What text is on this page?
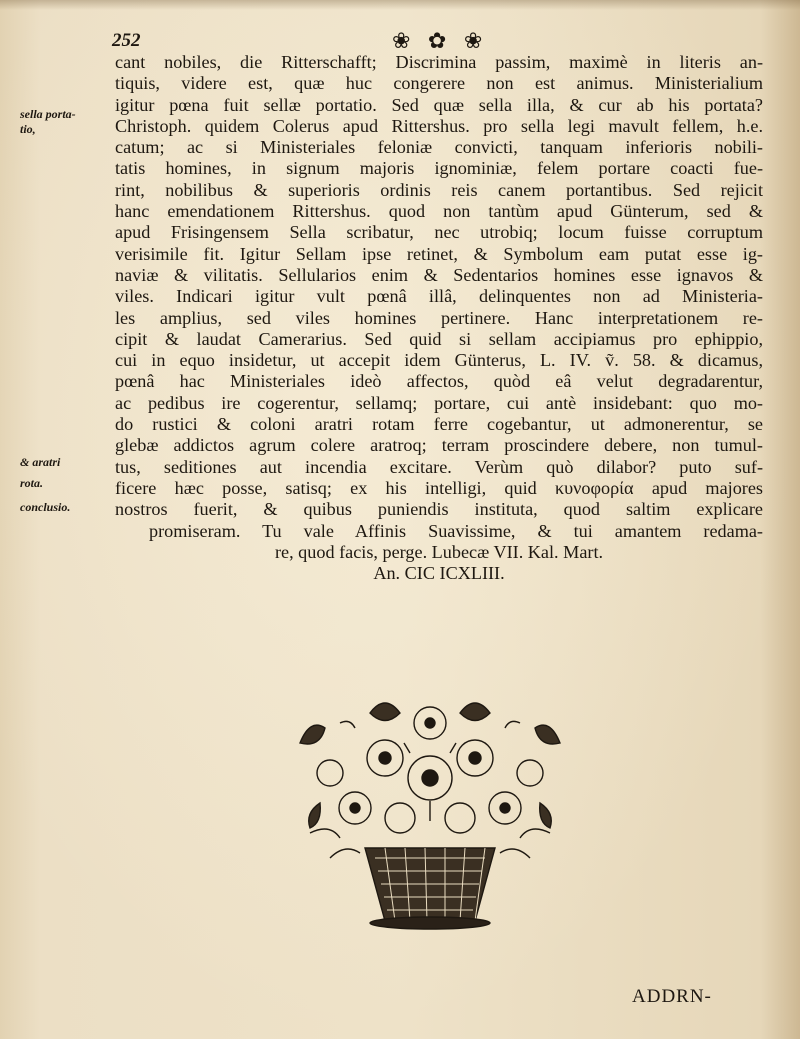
252	❀ ✿ ❀
sella porta-
tio,
& aratri
rota.
conclusio.
cant nobiles, die Ritterschafft; Discrimina passim, maximè in literis an-
tiquis, videre est, quæ huc congerere non est animus. Ministerialium
igitur pœna fuit sellæ portatio. Sed quæ sella illa, & cur ab his portata?
Christoph. quidem Colerus apud Rittershus. pro sella legi mavult fellem, h.e.
catum; ac si Ministeriales feloniæ convicti, tanquam inferioris nobili-
tatis homines, in signum majoris ignominiæ, felem portare coacti fue-
rint, nobilibus & superioris ordinis reis canem portantibus. Sed rejicit
hanc emendationem Rittershus. quod non tantùm apud Günterum, sed &
apud Frisingensem Sella scribatur, nec utrobiq; locum fuisse corruptum
verisimile fit. Igitur Sellam ipse retinet, & Symbolum eam putat esse ig-
naviæ & vilitatis. Sellularios enim & Sedentarios homines esse ignavos &
viles. Indicari igitur vult pœnâ illâ, delinquentes non ad Ministeria-
les amplius, sed viles homines pertinere. Hanc interpretationem re-
cipit & laudat Camerarius. Sed quid si sellam accipiamus pro ephippio,
cui in equo insidetur, ut accepit idem Günterus, L. IV. ṽ. 58. & dicamus,
pœnâ hac Ministeriales ideò affectos, quòd eâ velut degradarentur,
ac pedibus ire cogerentur, sellamq; portare, cui antè insidebant: quo mo-
do rustici & coloni aratri rotam ferre cogebantur, ut admonerentur, se
glebæ addictos agrum colere aratroq; terram proscindere debere, non tumul-
tus, seditiones aut incendia excitare. Verùm quò dilabor? puto suf-
ficere hæc posse, satisq; ex his intelligi, quid κυνοφορία apud majores
nostros fuerit, & quibus puniendis instituta, quod saltim explicare
promiseram. Tu vale Affinis Suavissime, & tui amantem redama-
re, quod facis, perge. Lubecæ VII. Kal. Mart.
An. CIC ICXLIII.
ADDRN-
